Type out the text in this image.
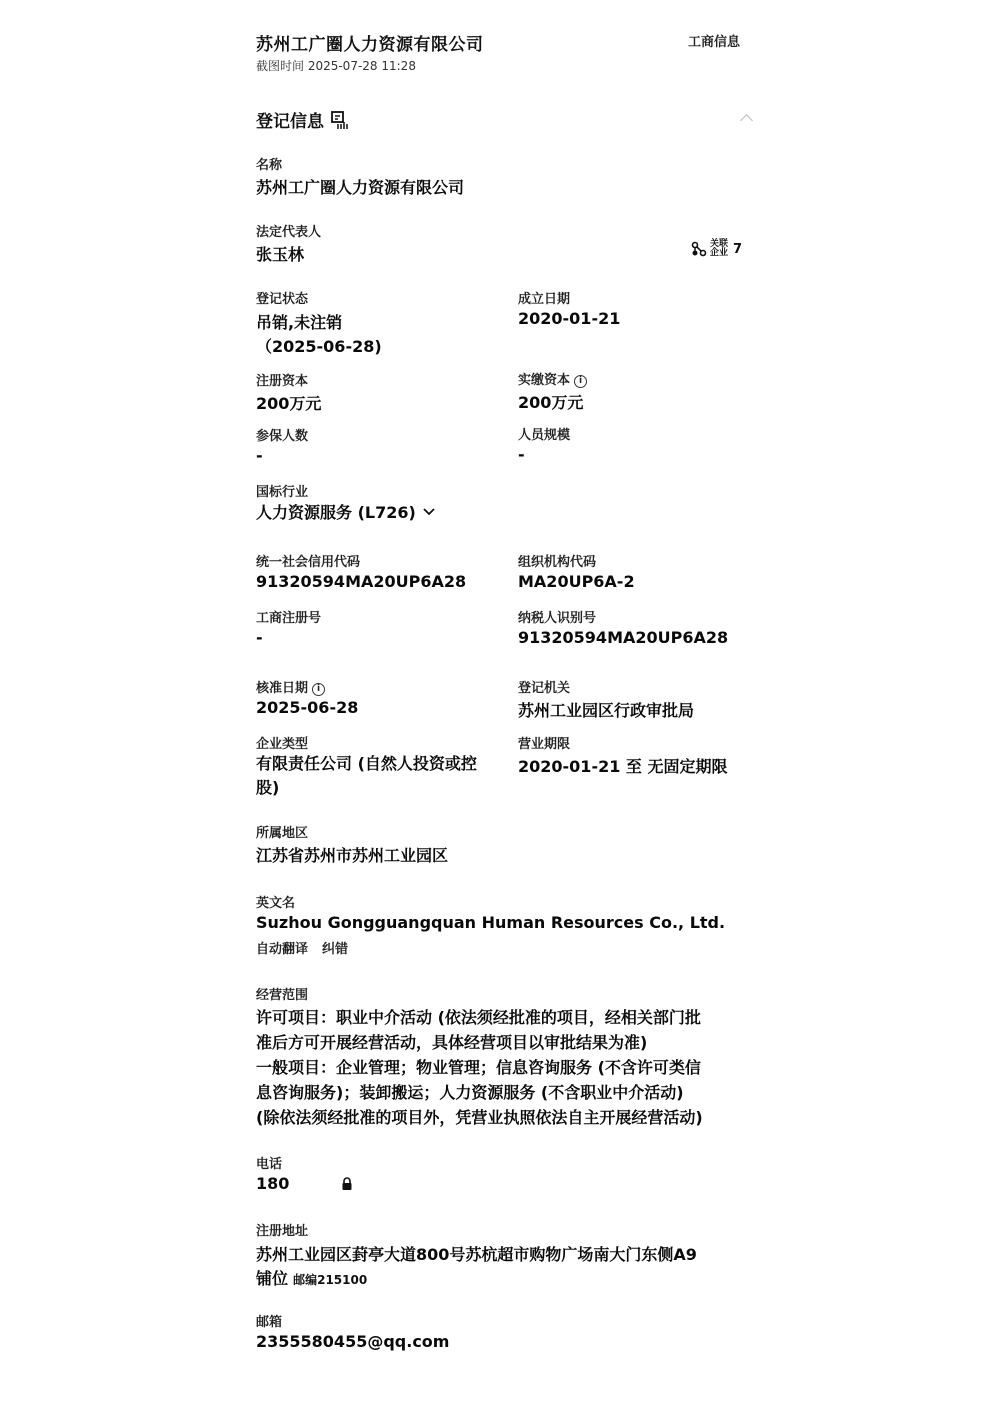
苏州工广圈人力资源有限公司
截图时间 2025-07-28 11:28
工商信息
登记信息
名称
苏州工广圈人力资源有限公司
法定代表人
张玉林
关联企业 7
登记状态
吊销,未注销
（2025-06-28)
成立日期
2020-01-21
注册资本
200万元
实缴资本 i
200万元
参保人数
-
人员规模
-
国标行业
人力资源服务 (L726)
统一社会信用代码
91320594MA20UP6A28
组织机构代码
MA20UP6A-2
工商注册号
-
纳税人识别号
91320594MA20UP6A28
核准日期 i
2025-06-28
登记机关
苏州工业园区行政审批局
企业类型
有限责任公司 (自然人投资或控股)
营业期限
2020-01-21 至 无固定期限
所属地区
江苏省苏州市苏州工业园区
英文名
Suzhou Gongguangquan Human Resources Co., Ltd.
自动翻译 纠错
经营范围
许可项目：职业中介活动 (依法须经批准的项目，经相关部门批
准后方可开展经营活动，具体经营项目以审批结果为准)
一般项目：企业管理；物业管理；信息咨询服务 (不含许可类信
息咨询服务)；装卸搬运；人力资源服务 (不含职业中介活动)
(除依法须经批准的项目外，凭营业执照依法自主开展经营活动)
电话
180
注册地址
苏州工业园区葑亭大道800号苏杭超市购物广场南大门东侧A9
铺位 邮编215100
邮箱
2355580455@qq.com
